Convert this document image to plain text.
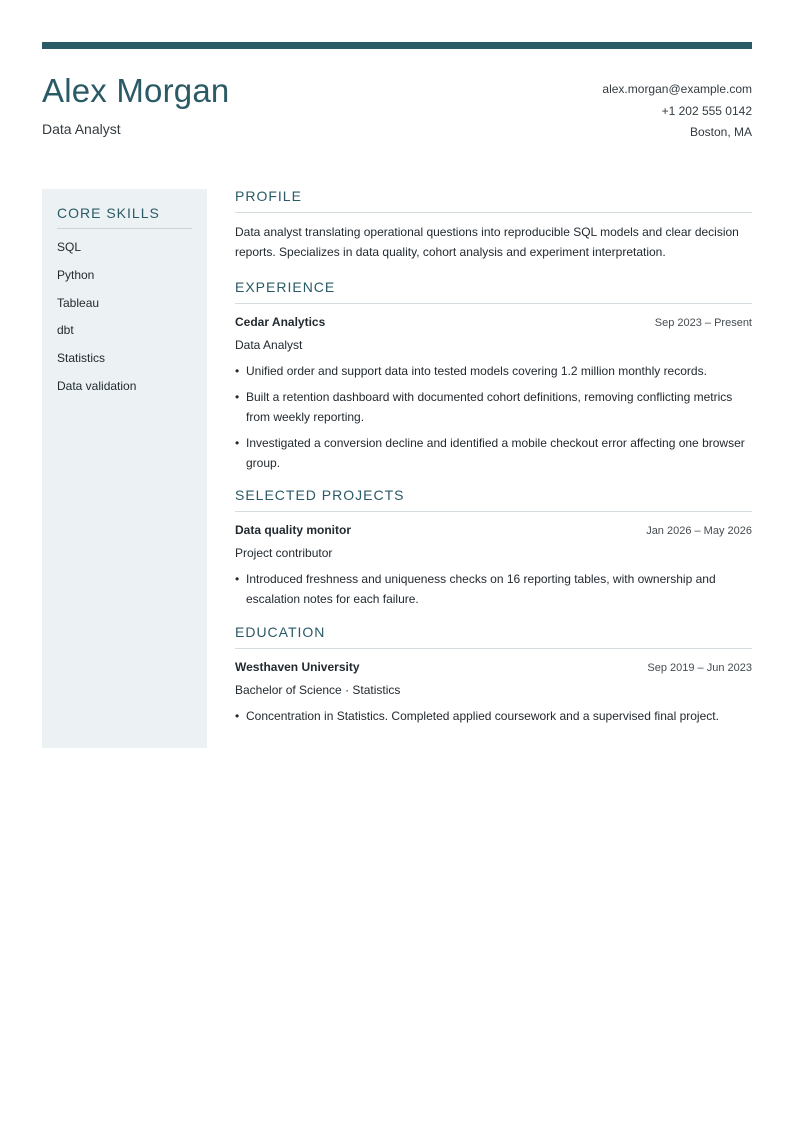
Alex Morgan
Data Analyst
alex.morgan@example.com
+1 202 555 0142
Boston, MA
CORE SKILLS
SQL
Python
Tableau
dbt
Statistics
Data validation
PROFILE
Data analyst translating operational questions into reproducible SQL models and clear decision reports. Specializes in data quality, cohort analysis and experiment interpretation.
EXPERIENCE
Cedar Analytics	Sep 2023 – Present
Data Analyst
• Unified order and support data into tested models covering 1.2 million monthly records.
• Built a retention dashboard with documented cohort definitions, removing conflicting metrics from weekly reporting.
• Investigated a conversion decline and identified a mobile checkout error affecting one browser group.
SELECTED PROJECTS
Data quality monitor	Jan 2026 – May 2026
Project contributor
• Introduced freshness and uniqueness checks on 16 reporting tables, with ownership and escalation notes for each failure.
EDUCATION
Westhaven University	Sep 2019 – Jun 2023
Bachelor of Science · Statistics
• Concentration in Statistics. Completed applied coursework and a supervised final project.
